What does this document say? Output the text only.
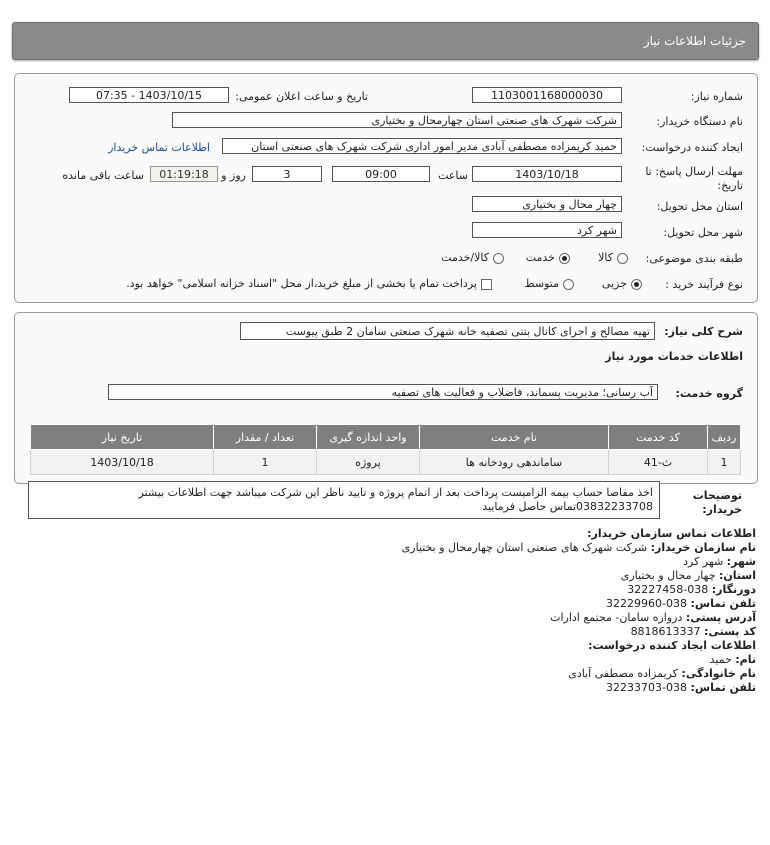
جزئیات اطلاعات نیاز
شماره نیاز:
1103001168000030
تاریخ و ساعت اعلان عمومی:
1403/10/15 - 07:35
نام دستگاه خریدار:
شرکت شهرک های صنعتی استان چهارمحال و بختیاری
ایجاد کننده درخواست:
حمید کریمزاده مصطفی آبادی مدیر امور اداری شرکت شهرک های صنعتی استان
اطلاعات تماس خریدار
مهلت ارسال پاسخ: تا
تاریخ:
1403/10/18
ساعت
09:00
3
روز و
01:19:18
ساعت باقی مانده
استان محل تحویل:
چهار محال و بختیاری
شهر محل تحویل:
شهر کرد
طبقه بندی موضوعی:
کالا
خدمت
کالا/خدمت
نوع فرآیند خرید :
جزیی
متوسط
پرداخت تمام یا بخشی از مبلغ خرید،از محل "اسناد خزانه اسلامی" خواهد بود.
شرح کلی نیاز:
تهیه مصالح و اجرای کانال بتنی تصفیه خانه شهرک صنعتی سامان 2 طبق پیوست
اطلاعات خدمات مورد نیاز
گروه خدمت:
آب رسانی؛ مدیریت پسماند، فاضلاب و فعالیت های تصفیه
ردیف	کد خدمت	نام خدمت	واحد اندازه گیری	تعداد / مقدار	تاریخ نیاز
1	ث-41	ساماندهی رودخانه ها	پروژه	1	1403/10/18
توضیحات
خریدار:
اخذ مفاصا حساب بیمه الزامیست پرداخت بعد از اتمام پروژه و تایید ناظر این شرکت میباشد جهت اطلاعات بیشتر
03832233708تماس حاصل فرمایید
اطلاعات تماس سازمان خریدار:
نام سازمان خریدار: شرکت شهرک های صنعتی استان چهارمحال و بختیاری
شهر: شهر کرد
استان: چهار محال و بختیاری
دورنگار: 038-32227458
تلفن تماس: 038-32229960
آدرس پستی: دروازه سامان- مجتمع ادارات
کد پستی: 8818613337
اطلاعات ایجاد کننده درخواست:
نام: حمید
نام خانوادگی: کریمزاده مصطفی آبادی
تلفن تماس: 038-32233703
